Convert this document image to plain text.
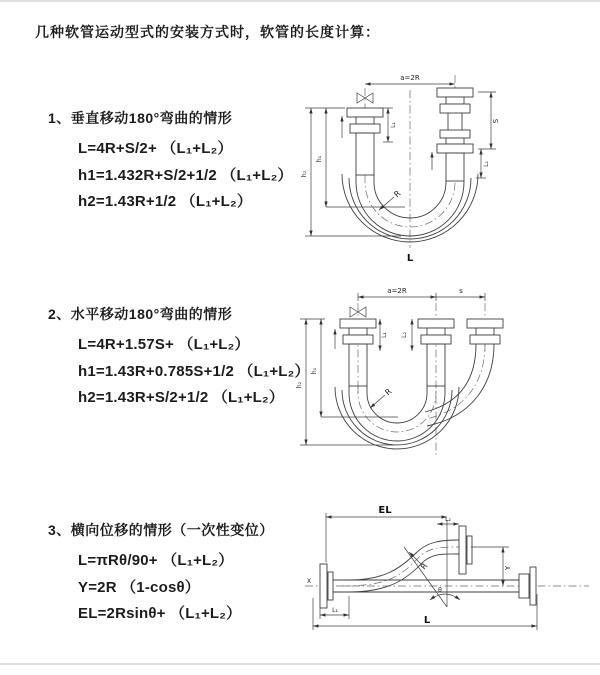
几种软管运动型式的安装方式时，软管的长度计算：
1、垂直移动180°弯曲的情形
L=4R+S/2+ （L₁+L₂）
h1=1.432R+S/2+1/2 （L₁+L₂）
h2=1.43R+1/2 （L₁+L₂）
2、水平移动180°弯曲的情形
L=4R+1.57S+ （L₁+L₂）
h1=1.43R+0.785S+1/2 （L₁+L₂）
h2=1.43R+S/2+1/2 （L₁+L₂）
3、横向位移的情形（一次性变位）
L=πRθ/90+ （L₁+L₂）
Y=2R （1-cosθ）
EL=2Rsinθ+ （L₁+L₂）
a=2R
L₁
S
L₂
h₂
h₁
R
L
a=2R	s
L₁ L₂
h₂
h₁
R
X
EL
L₂
R
θ
Y
L₁
L
